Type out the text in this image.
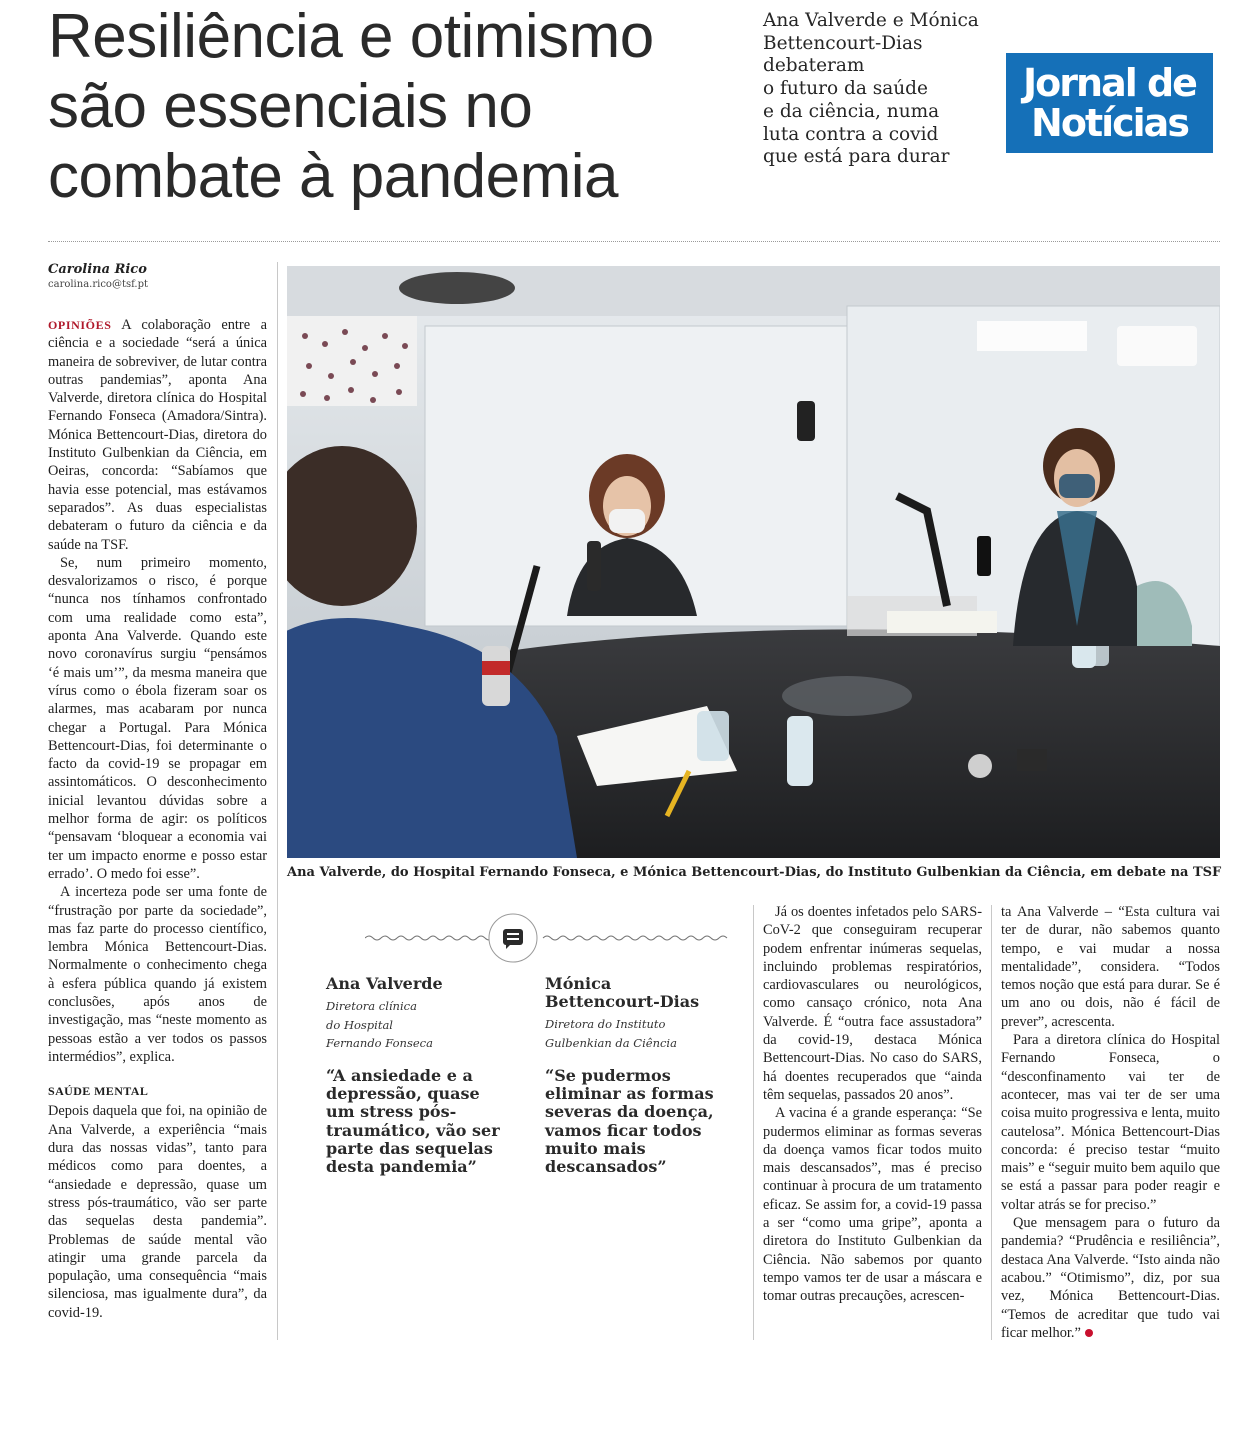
Resiliência e otimismo
são essenciais no
combate à pandemia
Ana Valverde e Mónica
Bettencourt-Dias
debateram
o futuro da saúde
e da ciência, numa
luta contra a covid
que está para durar
Jornal de
Notícias
Carolina Rico
carolina.rico@tsf.pt

OPINIÕES A colaboração entre a ciência e a sociedade “será a única maneira de sobreviver, de lutar contra outras pandemias”, aponta Ana Valverde, diretora clínica do Hospital Fernando Fonseca (Amadora/Sintra). Mónica Bettencourt-Dias, diretora do Instituto Gulbenkian da Ciência, em Oeiras, concorda: “Sabíamos que havia esse potencial, mas estávamos separados”. As duas especialistas debateram o futuro da ciência e da saúde na TSF.

Se, num primeiro momento, desvalorizamos o risco, é porque “nunca nos tínhamos confrontado com uma realidade como esta”, aponta Ana Valverde. Quando este novo coronavírus surgiu “pensámos ‘é mais um’”, da mesma maneira que vírus como o ébola fizeram soar os alarmes, mas acabaram por nunca chegar a Portugal. Para Mónica Bettencourt-Dias, foi determinante o facto da covid-19 se propagar em assintomáticos. O desconhecimento inicial levantou dúvidas sobre a melhor forma de agir: os políticos “pensavam ‘bloquear a economia vai ter um impacto enorme e posso estar errado’. O medo foi esse”.

A incerteza pode ser uma fonte de “frustração por parte da sociedade”, mas faz parte do processo científico, lembra Mónica Bettencourt-Dias. Normalmente o conhecimento chega à esfera pública quando já existem conclusões, após anos de investigação, mas “neste momento as pessoas estão a ver todos os passos intermédios”, explica.

SAÚDE MENTAL

Depois daquela que foi, na opinião de Ana Valverde, a experiência “mais dura das nossas vidas”, tanto para médicos como para doentes, a “ansiedade e depressão, quase um stress pós-traumático, vão ser parte das sequelas desta pandemia”. Problemas de saúde mental vão atingir uma grande parcela da população, uma consequência “mais silenciosa, mas igualmente dura”, da covid-19.

Ana Valverde, do Hospital Fernando Fonseca, e Mónica Bettencourt-Dias, do Instituto Gulbenkian da Ciência, em debate na TSF
Ana Valverde
Diretora clínica
do Hospital
Fernando Fonseca
“A ansiedade e a
depressão, quase
um stress pós-
traumático, vão ser
parte das sequelas
desta pandemia”
Mónica
Bettencourt-Dias
Diretora do Instituto
Gulbenkian da Ciência
“Se pudermos
eliminar as formas
severas da doença,
vamos ficar todos
muito mais
descansados”

Já os doentes infetados pelo SARS-CoV-2 que conseguiram recuperar podem enfrentar inúmeras sequelas, incluindo problemas respiratórios, cardiovasculares ou neurológicos, como cansaço crónico, nota Ana Valverde. É “outra face assustadora” da covid-19, destaca Mónica Bettencourt-Dias. No caso do SARS, há doentes recuperados que “ainda têm sequelas, passados 20 anos”.

A vacina é a grande esperança: “Se pudermos eliminar as formas severas da doença vamos ficar todos muito mais descansados”, mas é preciso continuar à procura de um tratamento eficaz. Se assim for, a covid-19 passa a ser “como uma gripe”, aponta a diretora do Instituto Gulbenkian da Ciência. Não sabemos por quanto tempo vamos ter de usar a máscara e tomar outras precauções, acrescen-

ta Ana Valverde – “Esta cultura vai ter de durar, não sabemos quanto tempo, e vai mudar a nossa mentalidade”, considera. “Todos temos noção que está para durar. Se é um ano ou dois, não é fácil de prever”, acrescenta.

Para a diretora clínica do Hospital Fernando Fonseca, o “desconfinamento vai ter de acontecer, mas vai ter de ser uma coisa muito progressiva e lenta, muito cautelosa”. Mónica Bettencourt-Dias concorda: é preciso testar “muito mais” e “seguir muito bem aquilo que se está a passar para poder reagir e voltar atrás se for preciso.”

Que mensagem para o futuro da pandemia? “Prudência e resiliência”, destaca Ana Valverde. “Isto ainda não acabou.” “Otimismo”, diz, por sua vez, Mónica Bettencourt-Dias. “Temos de acreditar que tudo vai ficar melhor.”
